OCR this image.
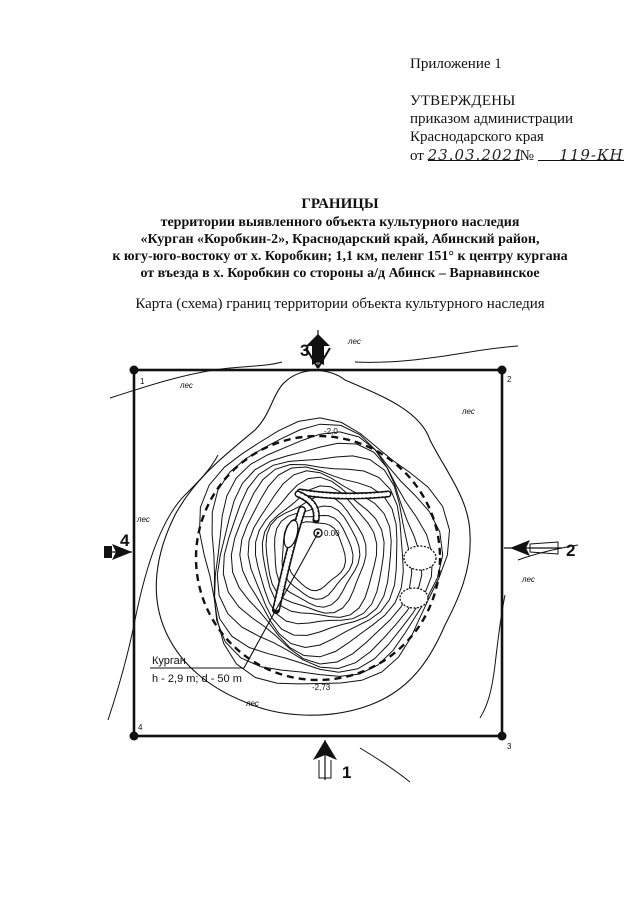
Приложение 1
УТВЕРЖДЕНЫ
приказом администрации
Краснодарского края
от 23.03.2021№ 119-КН
ГРАНИЦЫ
территории выявленного объекта культурного наследия
«Курган «Коробкин-2», Краснодарский край, Абинский район,
к югу-юго-востоку от х. Коробкин; 1,1 км, пеленг 151° к центру кургана
от въезда в х. Коробкин со стороны а/д Абинск – Варнавинское
Карта (схема) границ территории объекта культурного наследия
1	2
3
4
-2,0
0.00
-2,73
Курган
h - 2,9 m; d - 50 m
лес
лес
лес
лес
лес
лес
3
2
1
4
